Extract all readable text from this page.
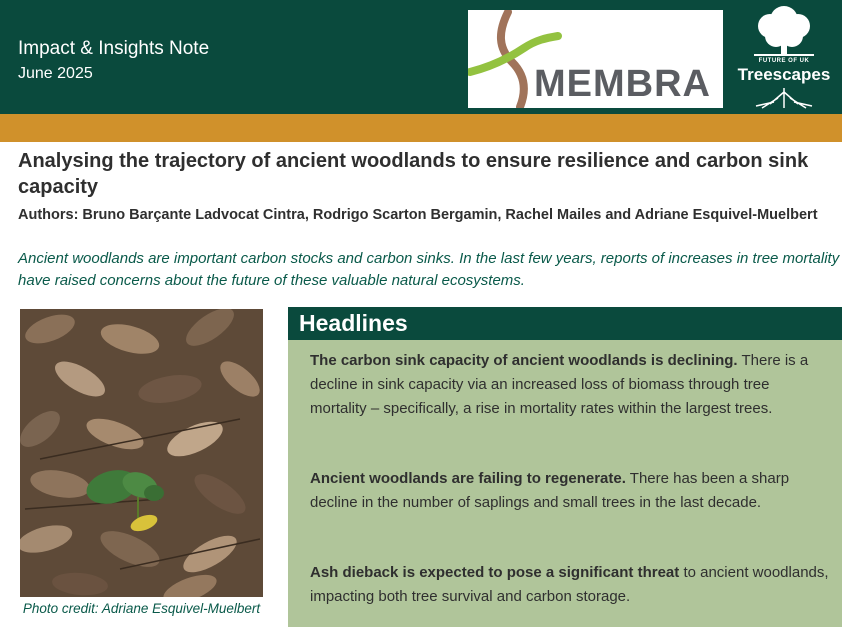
Impact & Insights Note
June 2025	MEMBRA
FUTURE OF UK
Treescapes
Analysing the trajectory of ancient woodlands to ensure resilience and carbon sink capacity
Authors: Bruno Barçante Ladvocat Cintra, Rodrigo Scarton Bergamin, Rachel Mailes and Adriane Esquivel-Muelbert
Ancient woodlands are important carbon stocks and carbon sinks. In the last few years, reports of increases in tree mortality have raised concerns about the future of these valuable natural ecosystems.
Photo credit: Adriane Esquivel-Muelbert
Headlines

The carbon sink capacity of ancient woodlands is declining. There is a decline in sink capacity via an increased loss of biomass through tree mortality – specifically, a rise in mortality rates within the largest trees.

Ancient woodlands are failing to regenerate. There has been a sharp decline in the number of saplings and small trees in the last decade.

Ash dieback is expected to pose a significant threat to ancient woodlands, impacting both tree survival and carbon storage.
